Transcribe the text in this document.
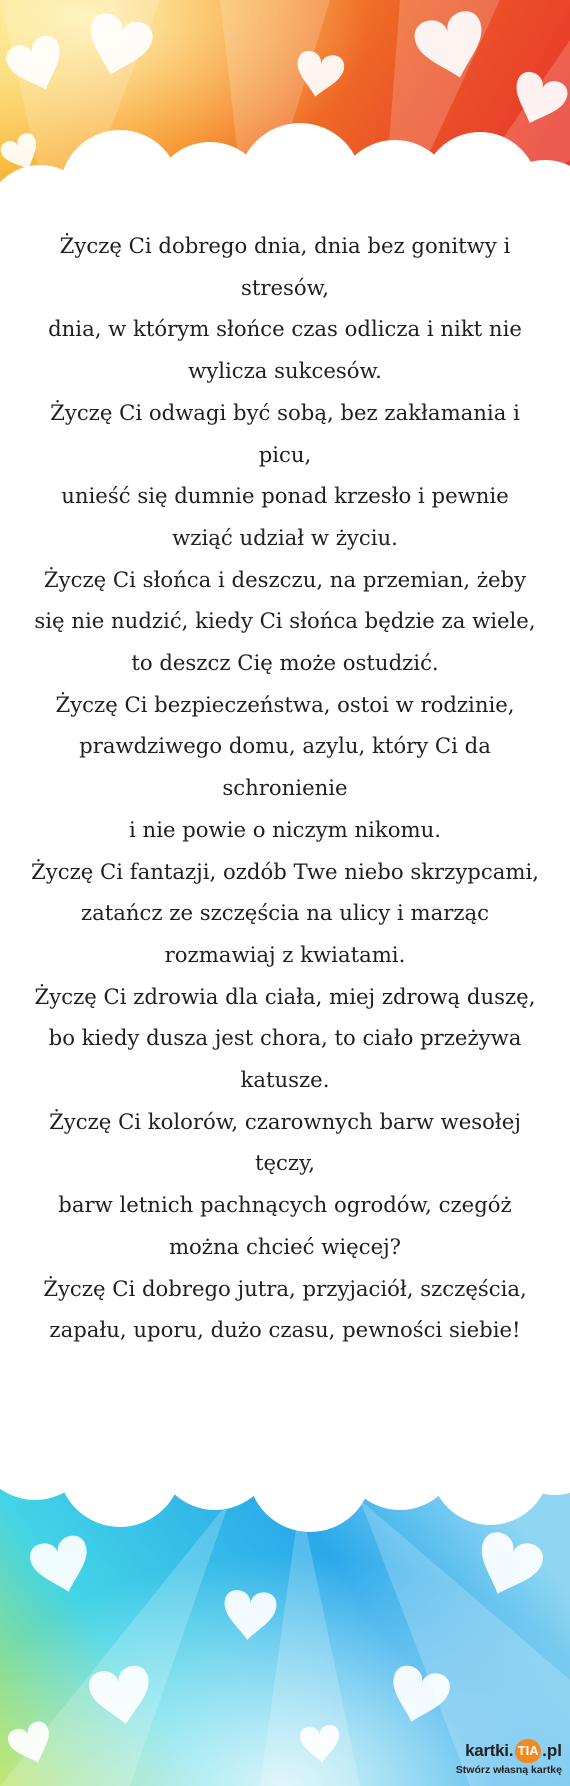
Życzę Ci dobrego dnia, dnia bez gonitwy i stresów,
dnia, w którym słońce czas odlicza i nikt nie wylicza sukcesów.
Życzę Ci odwagi być sobą, bez zakłamania i picu,
unieść się dumnie ponad krzesło i pewnie wziąć udział w życiu.
Życzę Ci słońca i deszczu, na przemian, żeby się nie nudzić, kiedy Ci słońca będzie za wiele, to deszcz Cię może ostudzić.
Życzę Ci bezpieczeństwa, ostoi w rodzinie, prawdziwego domu, azylu, który Ci da schronienie
i nie powie o niczym nikomu.
Życzę Ci fantazji, ozdób Twe niebo skrzypcami,
zatańcz ze szczęścia na ulicy i marząc rozmawiaj z kwiatami.
Życzę Ci zdrowia dla ciała, miej zdrową duszę, bo kiedy dusza jest chora, to ciało przeżywa katusze.
Życzę Ci kolorów, czarownych barw wesołej tęczy,
barw letnich pachnących ogrodów, czegóż można chcieć więcej?
Życzę Ci dobrego jutra, przyjaciół, szczęścia, zapału, uporu, dużo czasu, pewności siebie!
kartki. TIA .pl
Stwórz własną kartkę
